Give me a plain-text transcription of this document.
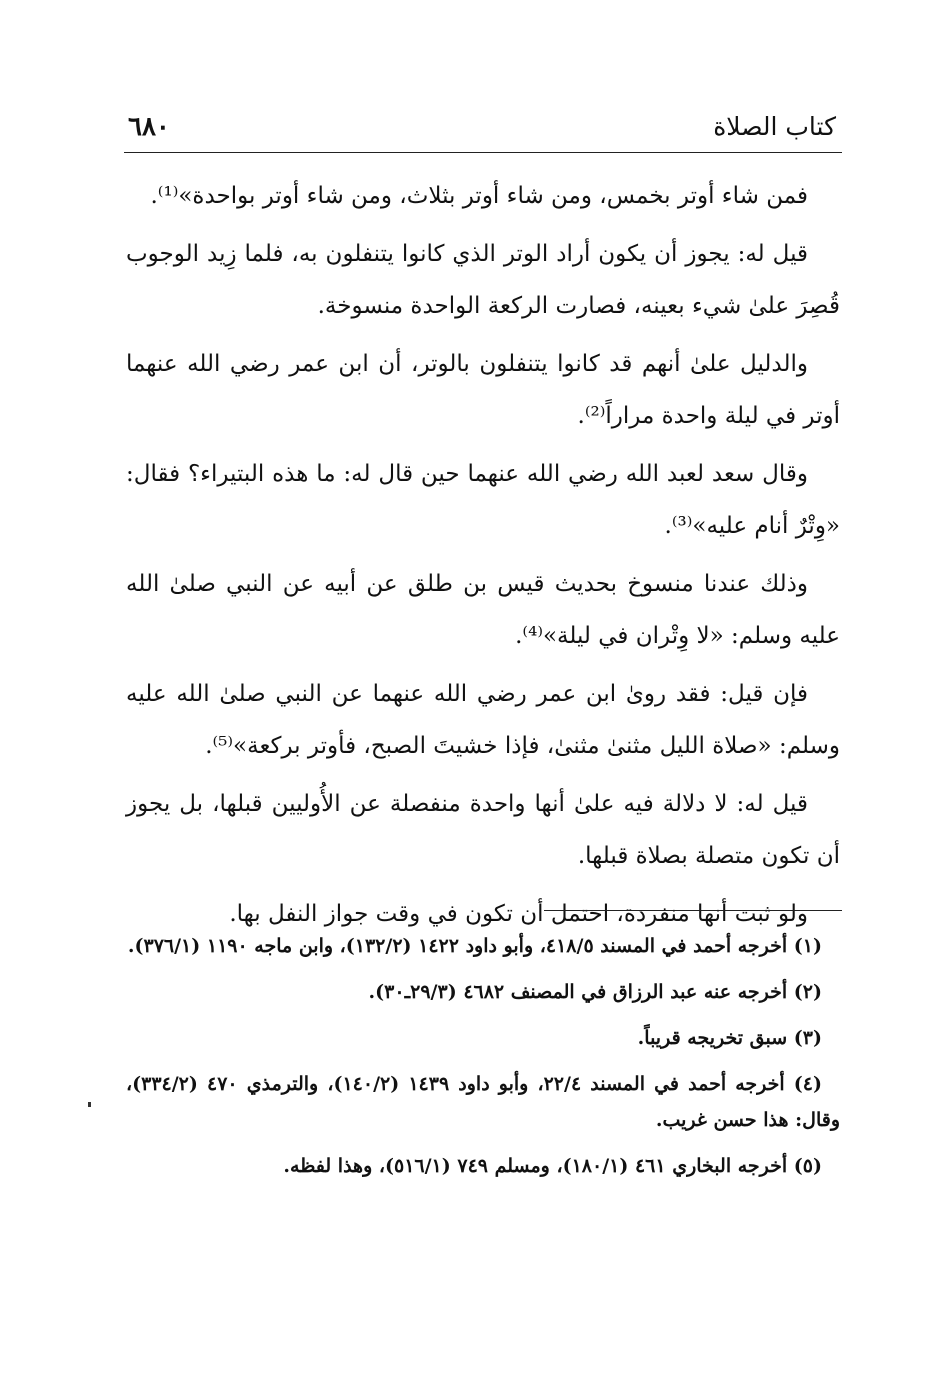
كتاب الصلاة
٦٨٠

فمن شاء أوتر بخمس، ومن شاء أوتر بثلاث، ومن شاء أوتر بواحدة»⁽¹⁾.

قيل له: يجوز أن يكون أراد الوتر الذي كانوا يتنفلون به، فلما زِيد الوجوب قُصِرَ علىٰ شيء بعينه، فصارت الركعة الواحدة منسوخة.

والدليل علىٰ أنهم قد كانوا يتنفلون بالوتر، أن ابن عمر رضي الله عنهما أوتر في ليلة واحدة مراراً⁽²⁾.

وقال سعد لعبد الله رضي الله عنهما حين قال له: ما هذه البتيراء؟ فقال: «وِتْرٌ أنام عليه»⁽³⁾.

وذلك عندنا منسوخ بحديث قيس بن طلق عن أبيه عن النبي صلىٰ الله عليه وسلم: «لا وِتْران في ليلة»⁽⁴⁾.

فإن قيل: فقد روىٰ ابن عمر رضي الله عنهما عن النبي صلىٰ الله عليه وسلم: «صلاة الليل مثنىٰ مثنىٰ، فإذا خشيتَ الصبح، فأوتر بركعة»⁽⁵⁾.

قيل له: لا دلالة فيه علىٰ أنها واحدة منفصلة عن الأُوليين قبلها، بل يجوز أن تكون متصلة بصلاة قبلها.

ولو ثبت أنها منفردة، احتمل أن تكون في وقت جواز النفل بها.

(١) أخرجه أحمد في المسند ٤١٨/٥، وأبو داود ١٤٢٢ (١٣٢/٢)، وابن ماجه ١١٩٠ (٣٧٦/١).

(٢) أخرجه عنه عبد الرزاق في المصنف ٤٦٨٢ (٢٩/٣ـ٣٠).

(٣) سبق تخريجه قريباً.

(٤) أخرجه أحمد في المسند ٢٢/٤، وأبو داود ١٤٣٩ (١٤٠/٢)، والترمذي ٤٧٠ (٣٣٤/٢)، وقال: هذا حسن غريب.

(٥) أخرجه البخاري ٤٦١ (١٨٠/١)، ومسلم ٧٤٩ (٥١٦/١)، وهذا لفظه.
